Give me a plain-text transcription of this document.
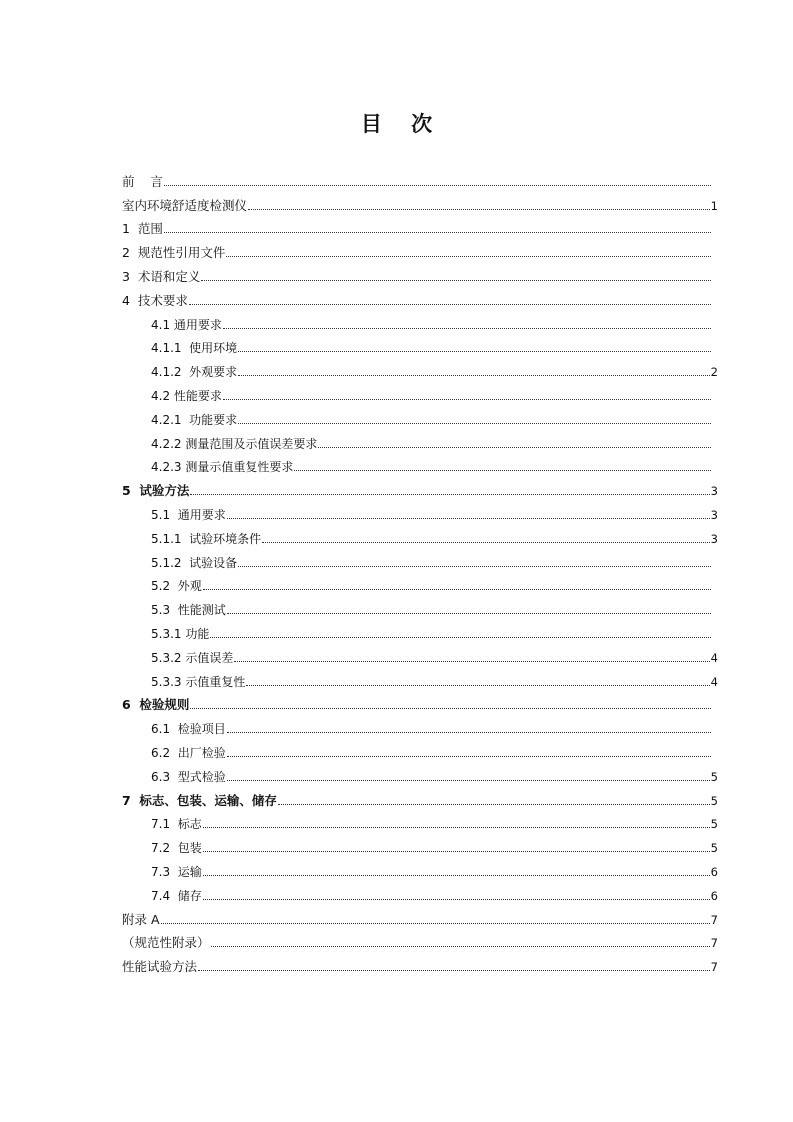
目    次
前    言
室内环境舒适度检测仪	1
1  范围
2  规范性引用文件
3  术语和定义
4  技术要求
4.1 通用要求
4.1.1  使用环境
4.1.2  外观要求	2
4.2 性能要求
4.2.1  功能要求
4.2.2 测量范围及示值误差要求
4.2.3 测量示值重复性要求
5  试验方法	3
5.1  通用要求	3
5.1.1  试验环境条件	3
5.1.2  试验设备
5.2  外观
5.3  性能测试
5.3.1 功能
5.3.2 示值误差	4
5.3.3 示值重复性	4
6  检验规则
6.1  检验项目
6.2  出厂检验
6.3  型式检验	5
7  标志、包装、运输、储存	5
7.1  标志	5
7.2  包装	5
7.3  运输	6
7.4  储存	6
附录 A	7
（规范性附录）	7
性能试验方法	7
